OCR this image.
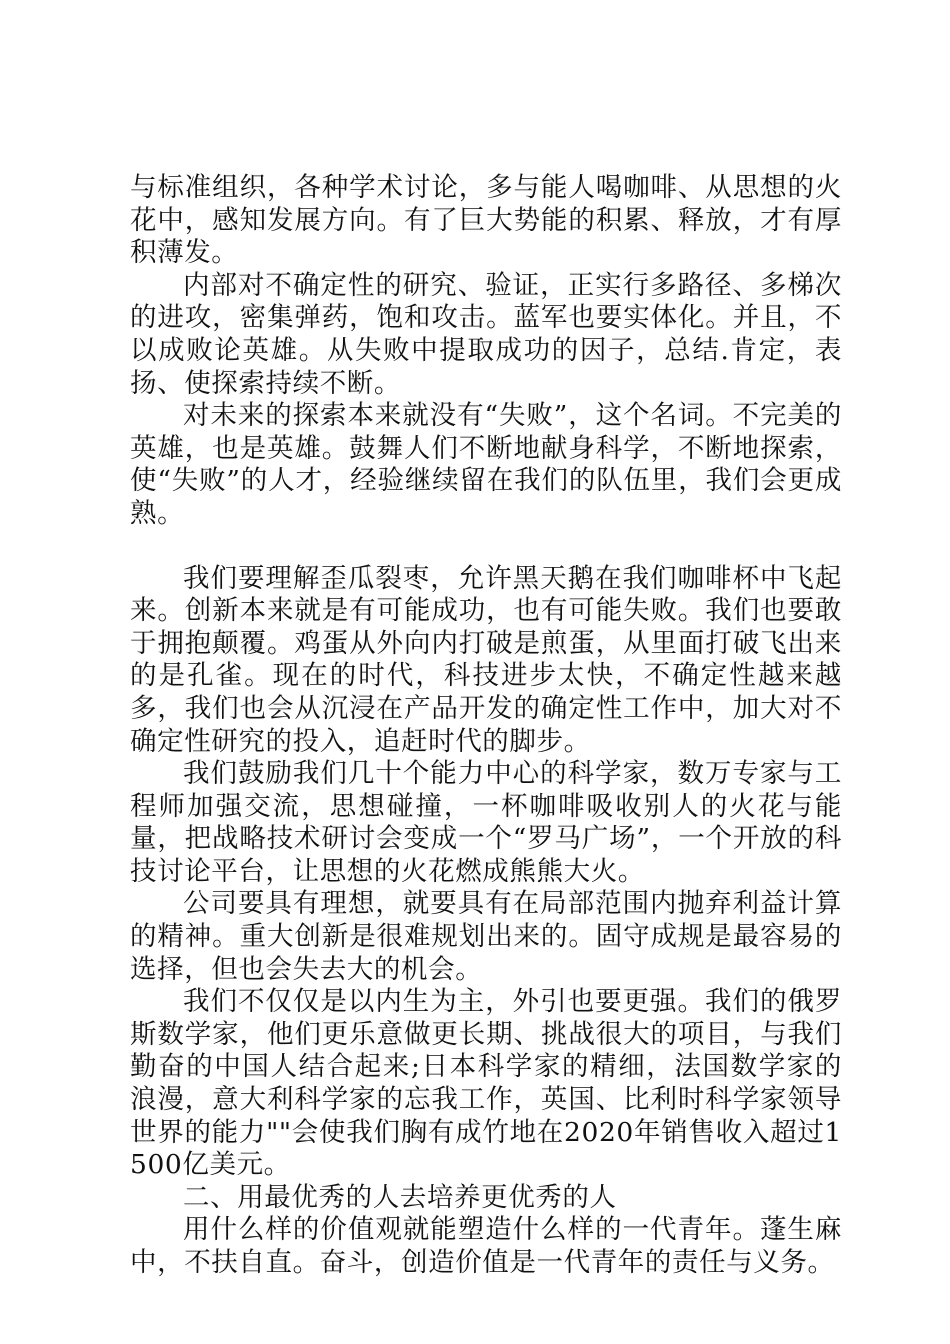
与标准组织，各种学术讨论，多与能人喝咖啡、从思想的火花中，感知发展方向。有了巨大势能的积累、释放，才有厚积薄发。

内部对不确定性的研究、验证，正实行多路径、多梯次的进攻，密集弹药，饱和攻击。蓝军也要实体化。并且，不以成败论英雄。从失败中提取成功的因子，总结.肯定，表扬、使探索持续不断。

对未来的探索本来就没有“失败”，这个名词。不完美的英雄，也是英雄。鼓舞人们不断地献身科学，不断地探索，使“失败”的人才，经验继续留在我们的队伍里，我们会更成熟。

我们要理解歪瓜裂枣，允许黑天鹅在我们咖啡杯中飞起来。创新本来就是有可能成功，也有可能失败。我们也要敢于拥抱颠覆。鸡蛋从外向内打破是煎蛋，从里面打破飞出来的是孔雀。现在的时代，科技进步太快，不确定性越来越多，我们也会从沉浸在产品开发的确定性工作中，加大对不确定性研究的投入，追赶时代的脚步。

我们鼓励我们几十个能力中心的科学家，数万专家与工程师加强交流，思想碰撞，一杯咖啡吸收别人的火花与能量，把战略技术研讨会变成一个“罗马广场”，一个开放的科技讨论平台，让思想的火花燃成熊熊大火。

公司要具有理想，就要具有在局部范围内抛弃利益计算的精神。重大创新是很难规划出来的。固守成规是最容易的选择，但也会失去大的机会。

我们不仅仅是以内生为主，外引也要更强。我们的俄罗斯数学家，他们更乐意做更长期、挑战很大的项目，与我们勤奋的中国人结合起来;日本科学家的精细，法国数学家的浪漫，意大利科学家的忘我工作，英国、比利时科学家领导世界的能力""会使我们胸有成竹地在2020年销售收入超过1500亿美元。

二、用最优秀的人去培养更优秀的人

用什么样的价值观就能塑造什么样的一代青年。蓬生麻中，不扶自直。奋斗，创造价值是一代青年的责任与义务。
